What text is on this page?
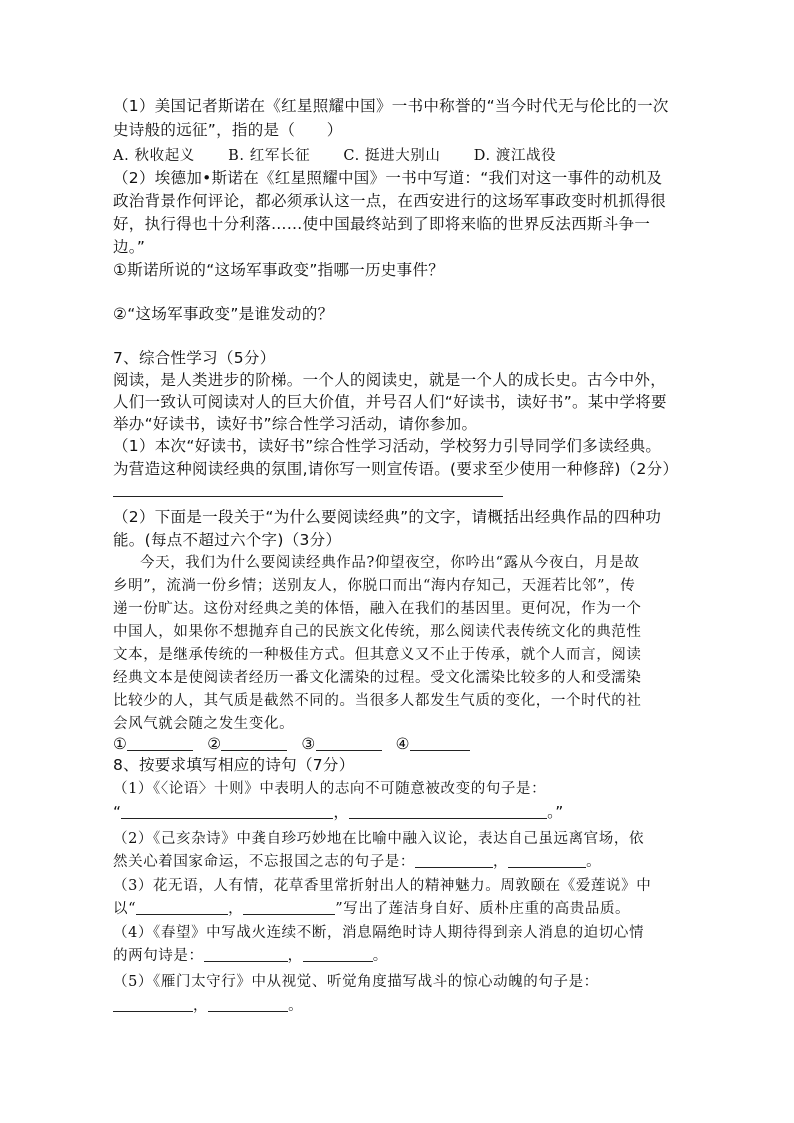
（1）美国记者斯诺在《红星照耀中国》一书中称誉的“当今时代无与伦比的一次
史诗般的远征”，指的是（　　）
A. 秋收起义 B. 红军长征 C. 挺进大别山 D. 渡江战役
（2）埃德加•斯诺在《红星照耀中国》一书中写道：“我们对这一事件的动机及
政治背景作何评论，都必须承认这一点，在西安进行的这场军事政变时机抓得很
好，执行得也十分利落……使中国最终站到了即将来临的世界反法西斯斗争一
边。”
①斯诺所说的“这场军事政变”指哪一历史事件？
②“这场军事政变”是谁发动的？
7、综合性学习（5分）
阅读，是人类进步的阶梯。一个人的阅读史，就是一个人的成长史。古今中外，
人们一致认可阅读对人的巨大价值，并号召人们“好读书，读好书”。某中学将要
举办“好读书，读好书”综合性学习活动，请你参加。
（1）本次“好读书，读好书”综合性学习活动，学校努力引导同学们多读经典。
为营造这种阅读经典的氛围,请你写一则宣传语。(要求至少使用一种修辞)（2分）
（2）下面是一段关于“为什么要阅读经典”的文字，请概括出经典作品的四种功
能。(每点不超过六个字)（3分）
今天，我们为什么要阅读经典作品?仰望夜空，你吟出“露从今夜白，月是故
乡明”，流淌一份乡情；送别友人，你脱口而出“海内存知己，天涯若比邻”，传
递一份旷达。这份对经典之美的体悟，融入在我们的基因里。更何况，作为一个
中国人，如果你不想抛弃自己的民族文化传统，那么阅读代表传统文化的典范性
文本，是继承传统的一种极佳方式。但其意义又不止于传承，就个人而言，阅读
经典文本是使阅读者经历一番文化濡染的过程。受文化濡染比较多的人和受濡染
比较少的人，其气质是截然不同的。当很多人都发生气质的变化，一个时代的社
会风气就会随之发生变化。
①	②	③	④
8、按要求填写相应的诗句（7分）
（1）《〈论语〉十则》中表明人的志向不可随意被改变的句子是：
“	，	。”
（2）《己亥杂诗》中龚自珍巧妙地在比喻中融入议论，表达自己虽远离官场，依
然关心着国家命运，不忘报国之志的句子是：	，	。
（3）花无语，人有情，花草香里常折射出人的精神魅力。周敦颐在《爱莲说》中
以“	，	”写出了莲洁身自好、质朴庄重的高贵品质。
（4）《春望》中写战火连续不断，消息隔绝时诗人期待得到亲人消息的迫切心情
的两句诗是：	，	。
（5）《雁门太守行》中从视觉、听觉角度描写战斗的惊心动魄的句子是：
，	。
